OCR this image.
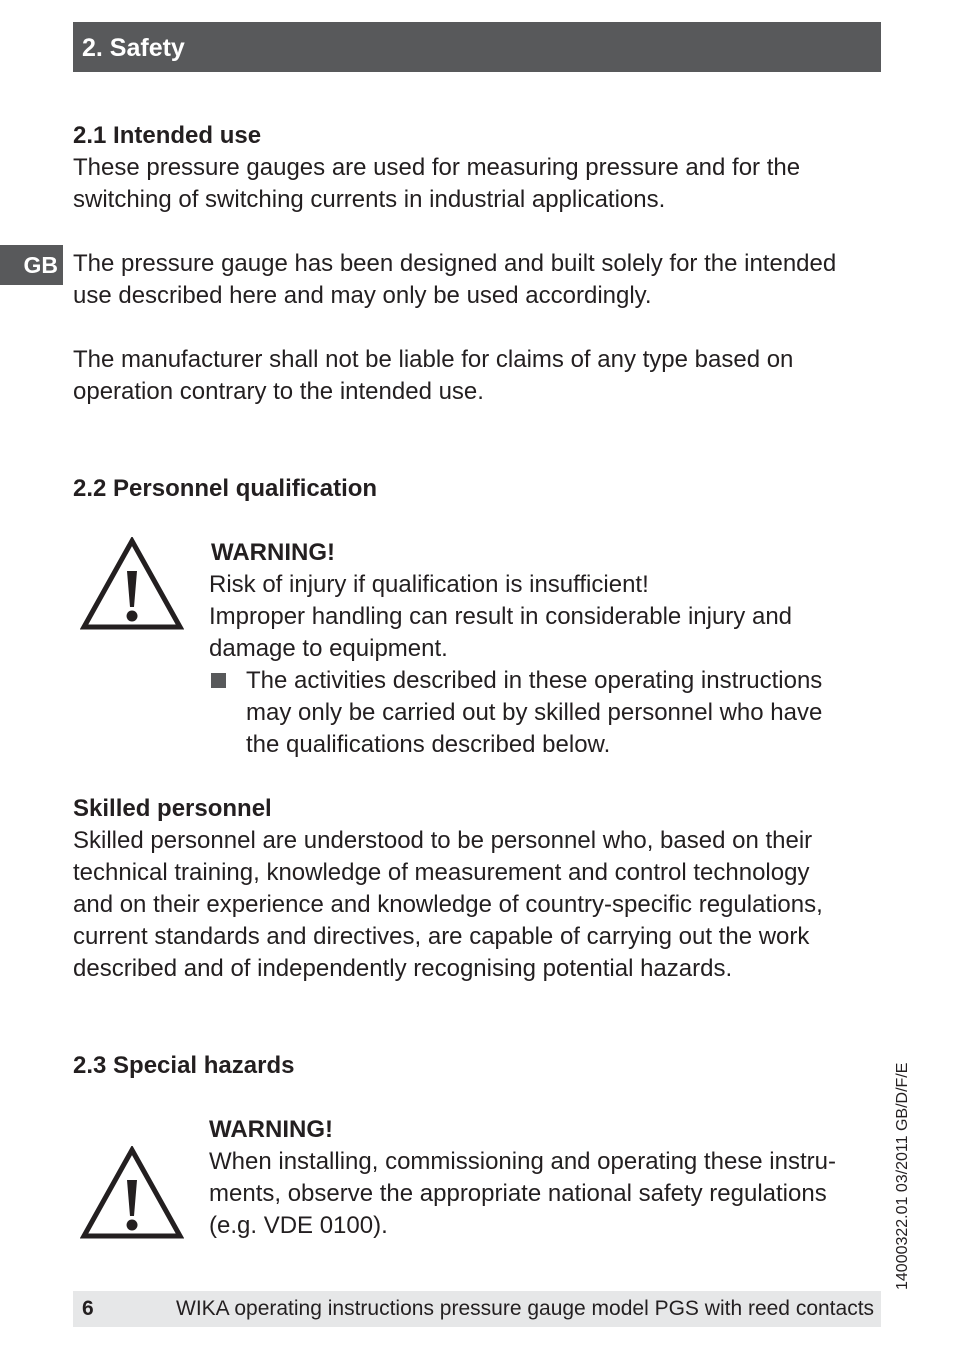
2. Safety
GB
2.1 Intended use
These pressure gauges are used for measuring pressure and for the
switching of switching currents in industrial applications.
The pressure gauge has been designed and built solely for the intended
use described here and may only be used accordingly.
The manufacturer shall not be liable for claims of any type based on
operation contrary to the intended use.
2.2 Personnel qualification
WARNING!
Risk of injury if qualification is insufficient!
Improper handling can result in considerable injury and
damage to equipment.
The activities described in these operating instructions
may only be carried out by skilled personnel who have
the qualifications described below.
Skilled personnel
Skilled personnel are understood to be personnel who, based on their
technical training, knowledge of measurement and control technology
and on their experience and knowledge of country-specific regulations,
current standards and directives, are capable of carrying out the work
described and of independently recognising potential hazards.
2.3 Special hazards
WARNING!
When installing, commissioning and operating these instru-
ments, observe the appropriate national safety regulations
(e.g. VDE 0100).	14000322.01 03/2011 GB/D/F/E
6	WIKA operating instructions pressure gauge model PGS with reed contacts
